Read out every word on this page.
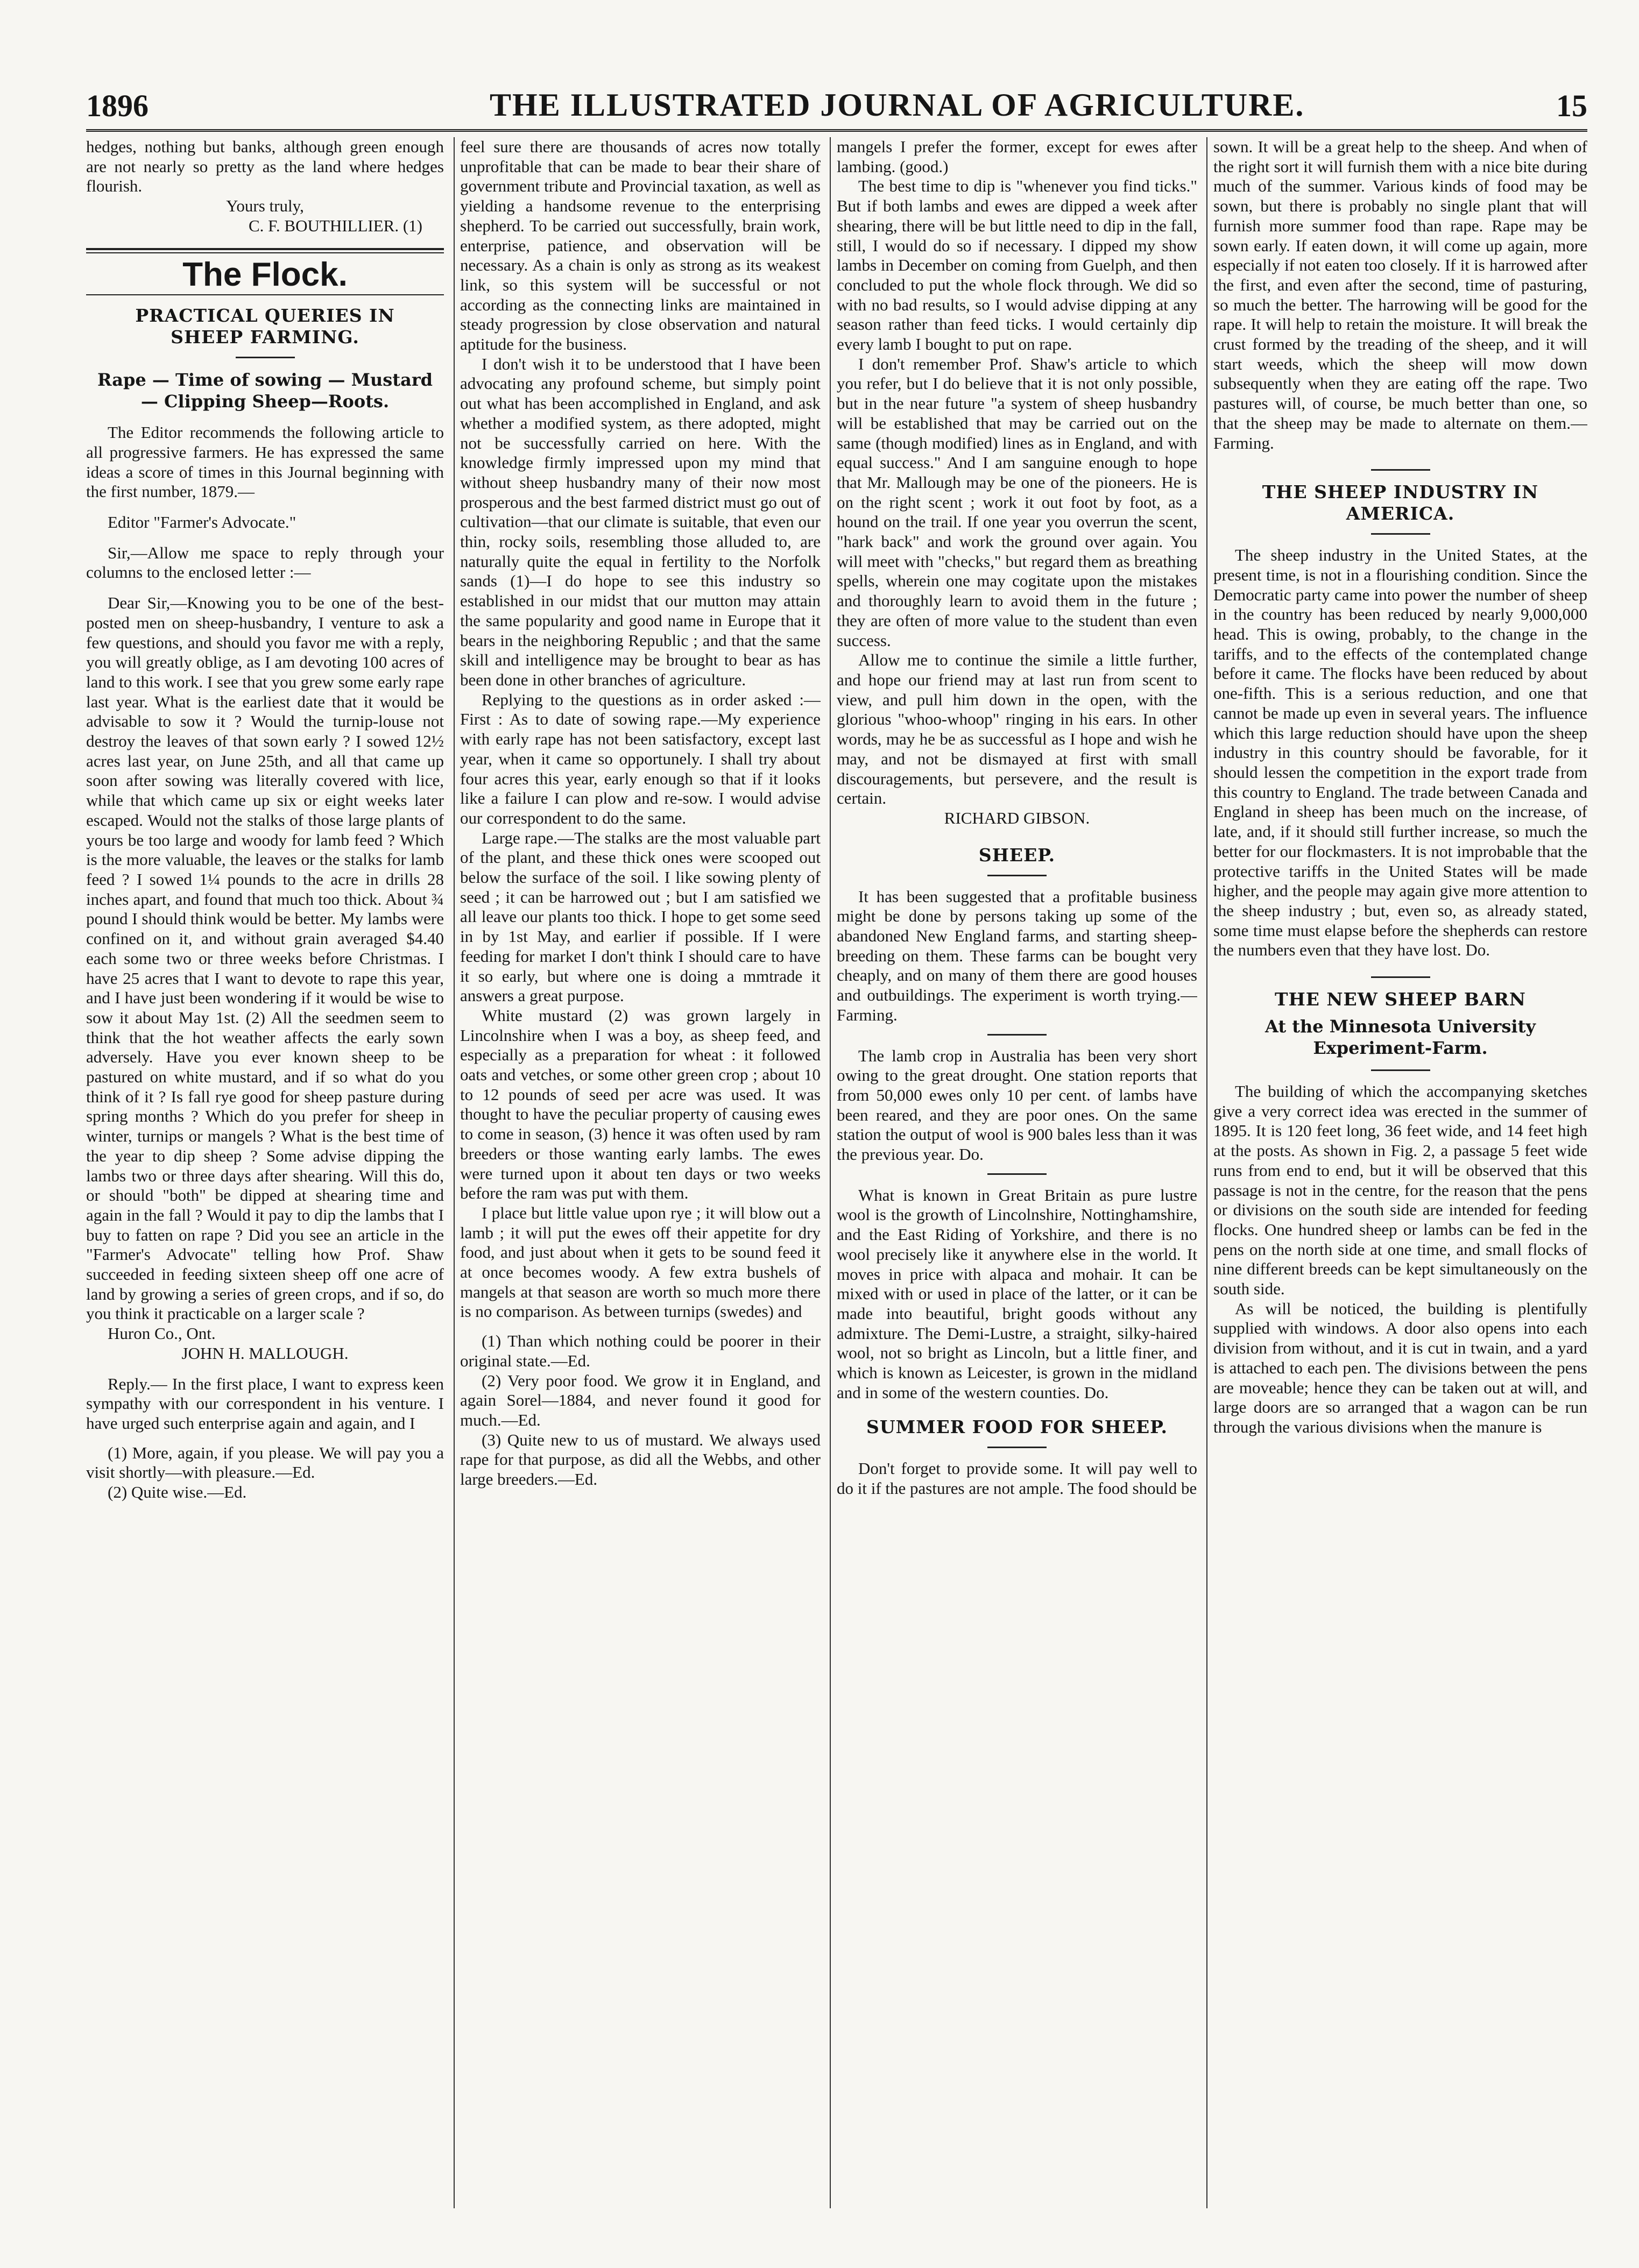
1896	THE ILLUSTRATED JOURNAL OF AGRICULTURE.	15

hedges, nothing but banks, although green enough are not nearly so pretty as the land where hedges flourish.

Yours truly,

C. F. BOUTHILLIER. (1)

The Flock.
PRACTICAL QUERIES IN SHEEP FARMING.
Rape — Time of sowing — Mustard — Clipping Sheep—Roots.

The Editor recommends the following article to all progressive farmers. He has expressed the same ideas a score of times in this Journal beginning with the first number, 1879.—

Editor "Farmer's Advocate."

Sir,—Allow me space to reply through your columns to the enclosed letter :—

Dear Sir,—Knowing you to be one of the best-posted men on sheep-husbandry, I venture to ask a few questions, and should you favor me with a reply, you will greatly oblige, as I am devoting 100 acres of land to this work. I see that you grew some early rape last year. What is the earliest date that it would be advisable to sow it ? Would the turnip-louse not destroy the leaves of that sown early ? I sowed 12½ acres last year, on June 25th, and all that came up soon after sowing was literally covered with lice, while that which came up six or eight weeks later escaped. Would not the stalks of those large plants of yours be too large and woody for lamb feed ? Which is the more valuable, the leaves or the stalks for lamb feed ? I sowed 1¼ pounds to the acre in drills 28 inches apart, and found that much too thick. About ¾ pound I should think would be better. My lambs were confined on it, and without grain averaged $4.40 each some two or three weeks before Christmas. I have 25 acres that I want to devote to rape this year, and I have just been wondering if it would be wise to sow it about May 1st. (2) All the seedmen seem to think that the hot weather affects the early sown adversely. Have you ever known sheep to be pastured on white mustard, and if so what do you think of it ? Is fall rye good for sheep pasture during spring months ? Which do you prefer for sheep in winter, turnips or mangels ? What is the best time of the year to dip sheep ? Some advise dipping the lambs two or three days after shearing. Will this do, or should "both" be dipped at shearing time and again in the fall ? Would it pay to dip the lambs that I buy to fatten on rape ? Did you see an article in the "Farmer's Advocate" telling how Prof. Shaw succeeded in feeding sixteen sheep off one acre of land by growing a series of green crops, and if so, do you think it practicable on a larger scale ?

Huron Co., Ont.

JOHN H. MALLOUGH.

Reply.— In the first place, I want to express keen sympathy with our correspondent in his venture. I have urged such enterprise again and again, and I

(1) More, again, if you please. We will pay you a visit shortly—with pleasure.—Ed.

(2) Quite wise.—Ed.

feel sure there are thousands of acres now totally unprofitable that can be made to bear their share of government tribute and Provincial taxation, as well as yielding a handsome revenue to the enterprising shepherd. To be carried out successfully, brain work, enterprise, patience, and observation will be necessary. As a chain is only as strong as its weakest link, so this system will be successful or not according as the connecting links are maintained in steady progression by close observation and natural aptitude for the business.

I don't wish it to be understood that I have been advocating any profound scheme, but simply point out what has been accomplished in England, and ask whether a modified system, as there adopted, might not be successfully carried on here. With the knowledge firmly impressed upon my mind that without sheep husbandry many of their now most prosperous and the best farmed district must go out of cultivation—that our climate is suitable, that even our thin, rocky soils, resembling those alluded to, are naturally quite the equal in fertility to the Norfolk sands (1)—I do hope to see this industry so established in our midst that our mutton may attain the same popularity and good name in Europe that it bears in the neighboring Republic ; and that the same skill and intelligence may be brought to bear as has been done in other branches of agriculture.

Replying to the questions as in order asked :—First : As to date of sowing rape.—My experience with early rape has not been satisfactory, except last year, when it came so opportunely. I shall try about four acres this year, early enough so that if it looks like a failure I can plow and re-sow. I would advise our correspondent to do the same.

Large rape.—The stalks are the most valuable part of the plant, and these thick ones were scooped out below the surface of the soil. I like sowing plenty of seed ; it can be harrowed out ; but I am satisfied we all leave our plants too thick. I hope to get some seed in by 1st May, and earlier if possible. If I were feeding for market I don't think I should care to have it so early, but where one is doing a mmtrade it answers a great purpose.

White mustard (2) was grown largely in Lincolnshire when I was a boy, as sheep feed, and especially as a preparation for wheat : it followed oats and vetches, or some other green crop ; about 10 to 12 pounds of seed per acre was used. It was thought to have the peculiar property of causing ewes to come in season, (3) hence it was often used by ram breeders or those wanting early lambs. The ewes were turned upon it about ten days or two weeks before the ram was put with them.

I place but little value upon rye ; it will blow out a lamb ; it will put the ewes off their appetite for dry food, and just about when it gets to be sound feed it at once becomes woody. A few extra bushels of mangels at that season are worth so much more there is no comparison. As between turnips (swedes) and

(1) Than which nothing could be poorer in their original state.—Ed.

(2) Very poor food. We grow it in England, and again Sorel—1884, and never found it good for much.—Ed.

(3) Quite new to us of mustard. We always used rape for that purpose, as did all the Webbs, and other large breeders.—Ed.

mangels I prefer the former, except for ewes after lambing. (good.)

The best time to dip is "whenever you find ticks." But if both lambs and ewes are dipped a week after shearing, there will be but little need to dip in the fall, still, I would do so if necessary. I dipped my show lambs in December on coming from Guelph, and then concluded to put the whole flock through. We did so with no bad results, so I would advise dipping at any season rather than feed ticks. I would certainly dip every lamb I bought to put on rape.

I don't remember Prof. Shaw's article to which you refer, but I do believe that it is not only possible, but in the near future "a system of sheep husbandry will be established that may be carried out on the same (though modified) lines as in England, and with equal success." And I am sanguine enough to hope that Mr. Mallough may be one of the pioneers. He is on the right scent ; work it out foot by foot, as a hound on the trail. If one year you overrun the scent, "hark back" and work the ground over again. You will meet with "checks," but regard them as breathing spells, wherein one may cogitate upon the mistakes and thoroughly learn to avoid them in the future ; they are often of more value to the student than even success.

Allow me to continue the simile a little further, and hope our friend may at last run from scent to view, and pull him down in the open, with the glorious "whoo-whoop" ringing in his ears. In other words, may he be as successful as I hope and wish he may, and not be dismayed at first with small discouragements, but persevere, and the result is certain.

RICHARD GIBSON.

SHEEP.

It has been suggested that a profitable business might be done by persons taking up some of the abandoned New England farms, and starting sheep-breeding on them. These farms can be bought very cheaply, and on many of them there are good houses and outbuildings. The experiment is worth trying.—Farming.

The lamb crop in Australia has been very short owing to the great drought. One station reports that from 50,000 ewes only 10 per cent. of lambs have been reared, and they are poor ones. On the same station the output of wool is 900 bales less than it was the previous year. Do.

What is known in Great Britain as pure lustre wool is the growth of Lincolnshire, Nottinghamshire, and the East Riding of Yorkshire, and there is no wool precisely like it anywhere else in the world. It moves in price with alpaca and mohair. It can be mixed with or used in place of the latter, or it can be made into beautiful, bright goods without any admixture. The Demi-Lustre, a straight, silky-haired wool, not so bright as Lincoln, but a little finer, and which is known as Leicester, is grown in the midland and in some of the western counties. Do.

SUMMER FOOD FOR SHEEP.

Don't forget to provide some. It will pay well to do it if the pastures are not ample. The food should be

sown. It will be a great help to the sheep. And when of the right sort it will furnish them with a nice bite during much of the summer. Various kinds of food may be sown, but there is probably no single plant that will furnish more summer food than rape. Rape may be sown early. If eaten down, it will come up again, more especially if not eaten too closely. If it is harrowed after the first, and even after the second, time of pasturing, so much the better. The harrowing will be good for the rape. It will help to retain the moisture. It will break the crust formed by the treading of the sheep, and it will start weeds, which the sheep will mow down subsequently when they are eating off the rape. Two pastures will, of course, be much better than one, so that the sheep may be made to alternate on them.—Farming.

THE SHEEP INDUSTRY IN AMERICA.

The sheep industry in the United States, at the present time, is not in a flourishing condition. Since the Democratic party came into power the number of sheep in the country has been reduced by nearly 9,000,000 head. This is owing, probably, to the change in the tariffs, and to the effects of the contemplated change before it came. The flocks have been reduced by about one-fifth. This is a serious reduction, and one that cannot be made up even in several years. The influence which this large reduction should have upon the sheep industry in this country should be favorable, for it should lessen the competition in the export trade from this country to England. The trade between Canada and England in sheep has been much on the increase, of late, and, if it should still further increase, so much the better for our flockmasters. It is not improbable that the protective tariffs in the United States will be made higher, and the people may again give more attention to the sheep industry ; but, even so, as already stated, some time must elapse before the shepherds can restore the numbers even that they have lost. Do.

THE NEW SHEEP BARN
At the Minnesota University Experiment-Farm.

The building of which the accompanying sketches give a very correct idea was erected in the summer of 1895. It is 120 feet long, 36 feet wide, and 14 feet high at the posts. As shown in Fig. 2, a passage 5 feet wide runs from end to end, but it will be observed that this passage is not in the centre, for the reason that the pens or divisions on the south side are intended for feeding flocks. One hundred sheep or lambs can be fed in the pens on the north side at one time, and small flocks of nine different breeds can be kept simultaneously on the south side.

As will be noticed, the building is plentifully supplied with windows. A door also opens into each division from without, and it is cut in twain, and a yard is attached to each pen. The divisions between the pens are moveable; hence they can be taken out at will, and large doors are so arranged that a wagon can be run through the various divisions when the manure is
